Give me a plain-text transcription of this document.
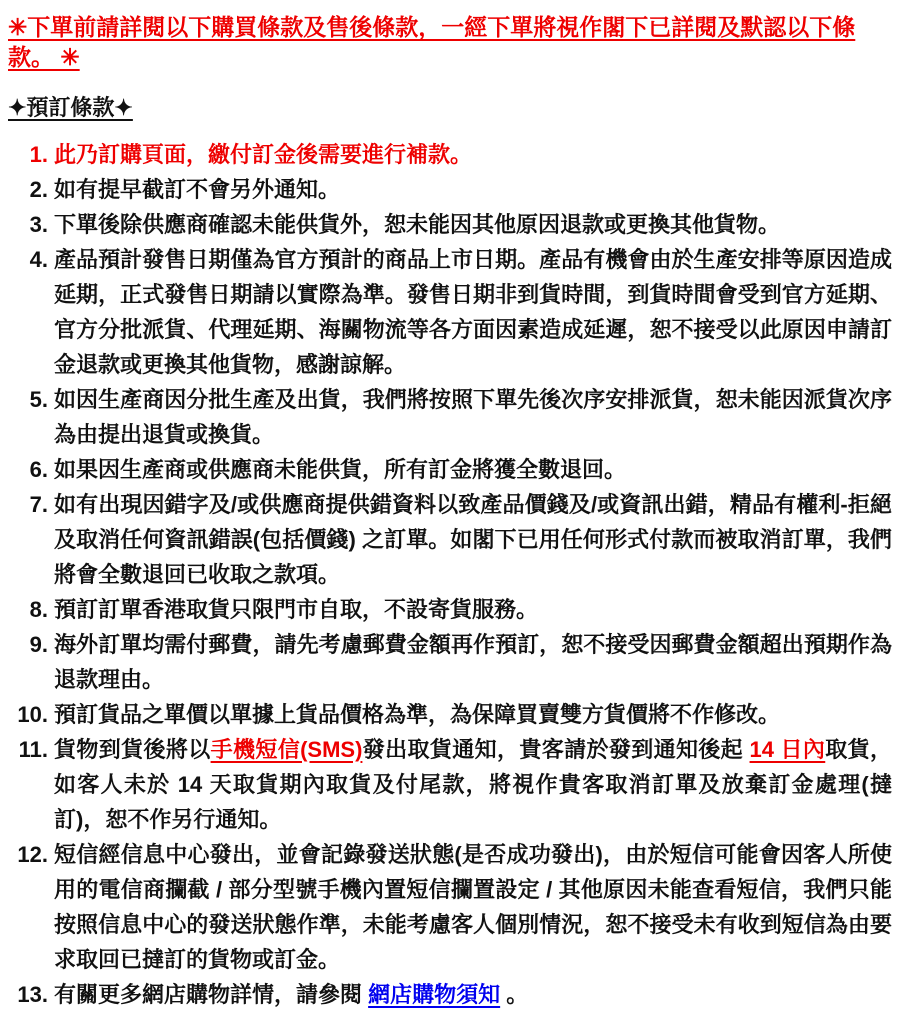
✳下單前請詳閱以下購買條款及售後條款，一經下單將視作閣下已詳閱及默認以下條款。 ✳

✦預訂條款✦
1. 此乃訂購頁面，繳付訂金後需要進行補款。
2. 如有提早截訂不會另外通知。
3. 下單後除供應商確認未能供貨外，恕未能因其他原因退款或更換其他貨物。
4. 產品預計發售日期僅為官方預計的商品上市日期。產品有機會由於生產安排等原因造成延期，正式發售日期請以實際為準。發售日期非到貨時間，到貨時間會受到官方延期、官方分批派貨、代理延期、海關物流等各方面因素造成延遲，恕不接受以此原因申請訂金退款或更換其他貨物，感謝諒解。
5. 如因生產商因分批生產及出貨，我們將按照下單先後次序安排派貨，恕未能因派貨次序為由提出退貨或換貨。
6. 如果因生產商或供應商未能供貨，所有訂金將獲全數退回。
7. 如有出現因錯字及/或供應商提供錯資料以致產品價錢及/或資訊出錯，精品有權利-拒絕及取消任何資訊錯誤(包括價錢) 之訂單。如閣下已用任何形式付款而被取消訂單，我們將會全數退回已收取之款項。
8. 預訂訂單香港取貨只限門市自取，不設寄貨服務。
9. 海外訂單均需付郵費，請先考慮郵費金額再作預訂，恕不接受因郵費金額超出預期作為退款理由。
10. 預訂貨品之單價以單據上貨品價格為準，為保障買賣雙方貨價將不作修改。
11. 貨物到貨後將以手機短信(SMS)發出取貨通知，貴客請於發到通知後起 14 日內取貨，如客人未於 14 天取貨期內取貨及付尾款，將視作貴客取消訂單及放棄訂金處理(撻訂)，恕不作另行通知。
12. 短信經信息中心發出，並會記錄發送狀態(是否成功發出)，由於短信可能會因客人所使用的電信商攔截 / 部分型號手機內置短信攔置設定 / 其他原因未能查看短信，我們只能按照信息中心的發送狀態作準，未能考慮客人個別情況，恕不接受未有收到短信為由要求取回已撻訂的貨物或訂金。
13. 有關更多網店購物詳情，請參閱 網店購物須知 。
